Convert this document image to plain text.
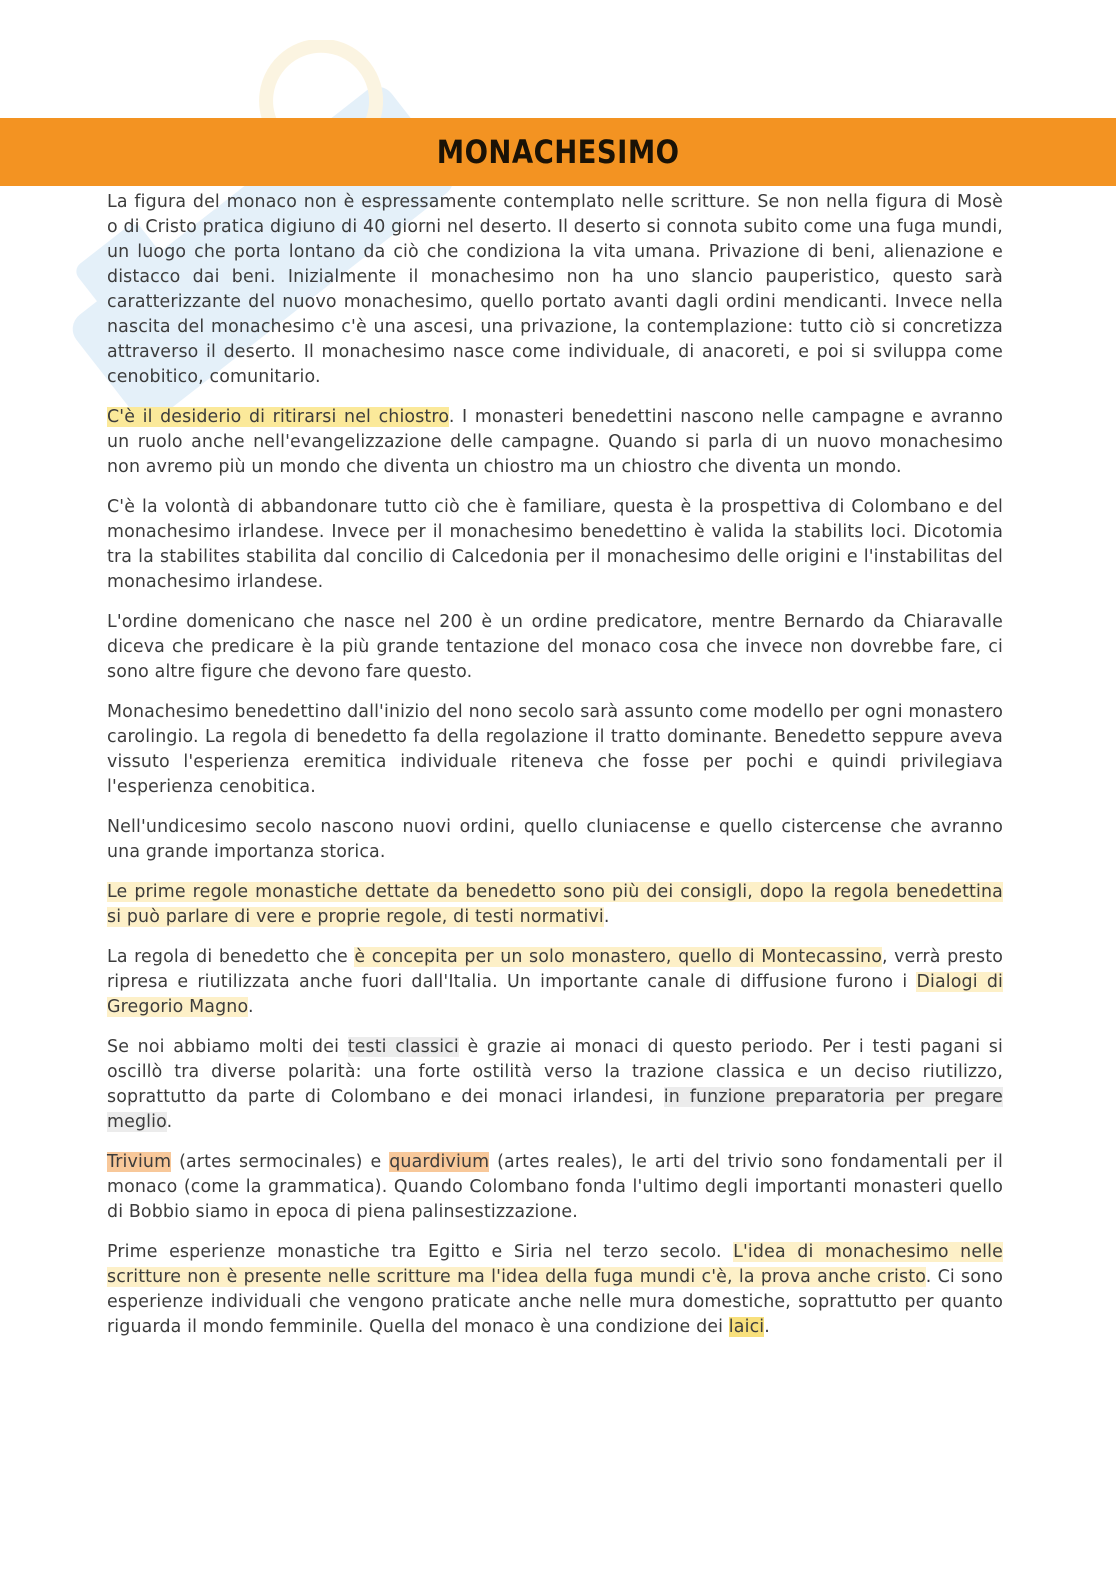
MONACHESIMO

La figura del monaco non è espressamente contemplato nelle scritture. Se non nella figura di Mosè o di Cristo pratica digiuno di 40 giorni nel deserto. Il deserto si connota subito come una fuga mundi, un luogo che porta lontano da ciò che condiziona la vita umana. Privazione di beni, alienazione e distacco dai beni. Inizialmente il monachesimo non ha uno slancio pauperistico, questo sarà caratterizzante del nuovo monachesimo, quello portato avanti dagli ordini mendicanti. Invece nella nascita del monachesimo c'è una ascesi, una privazione, la contemplazione: tutto ciò si concretizza attraverso il deserto. Il monachesimo nasce come individuale, di anacoreti, e poi si sviluppa come cenobitico, comunitario.

C'è il desiderio di ritirarsi nel chiostro. I monasteri benedettini nascono nelle campagne e avranno un ruolo anche nell'evangelizzazione delle campagne. Quando si parla di un nuovo monachesimo non avremo più un mondo che diventa un chiostro ma un chiostro che diventa un mondo.

C'è la volontà di abbandonare tutto ciò che è familiare, questa è la prospettiva di Colombano e del monachesimo irlandese. Invece per il monachesimo benedettino è valida la stabilits loci. Dicotomia tra la stabilites stabilita dal concilio di Calcedonia per il monachesimo delle origini e l'instabilitas del monachesimo irlandese.

L'ordine domenicano che nasce nel 200 è un ordine predicatore, mentre Bernardo da Chiaravalle diceva che predicare è la più grande tentazione del monaco cosa che invece non dovrebbe fare, ci sono altre figure che devono fare questo.

Monachesimo benedettino dall'inizio del nono secolo sarà assunto come modello per ogni monastero carolingio. La regola di benedetto fa della regolazione il tratto dominante. Benedetto seppure aveva vissuto l'esperienza eremitica individuale riteneva che fosse per pochi e quindi privilegiava l'esperienza cenobitica.

Nell'undicesimo secolo nascono nuovi ordini, quello cluniacense e quello cistercense che avranno una grande importanza storica.

Le prime regole monastiche dettate da benedetto sono più dei consigli, dopo la regola benedettina si può parlare di vere e proprie regole, di testi normativi.

La regola di benedetto che è concepita per un solo monastero, quello di Montecassino, verrà presto ripresa e riutilizzata anche fuori dall'Italia. Un importante canale di diffusione furono i Dialogi di Gregorio Magno.

Se noi abbiamo molti dei testi classici è grazie ai monaci di questo periodo. Per i testi pagani si oscillò tra diverse polarità: una forte ostilità verso la trazione classica e un deciso riutilizzo, soprattutto da parte di Colombano e dei monaci irlandesi, in funzione preparatoria per pregare meglio.

Trivium (artes sermocinales) e quardivium (artes reales), le arti del trivio sono fondamentali per il monaco (come la grammatica). Quando Colombano fonda l'ultimo degli importanti monasteri quello di Bobbio siamo in epoca di piena palinsestizzazione.

Prime esperienze monastiche tra Egitto e Siria nel terzo secolo. L'idea di monachesimo nelle scritture non è presente nelle scritture ma l'idea della fuga mundi c'è, la prova anche cristo. Ci sono esperienze individuali che vengono praticate anche nelle mura domestiche, soprattutto per quanto riguarda il mondo femminile. Quella del monaco è una condizione dei laici.
